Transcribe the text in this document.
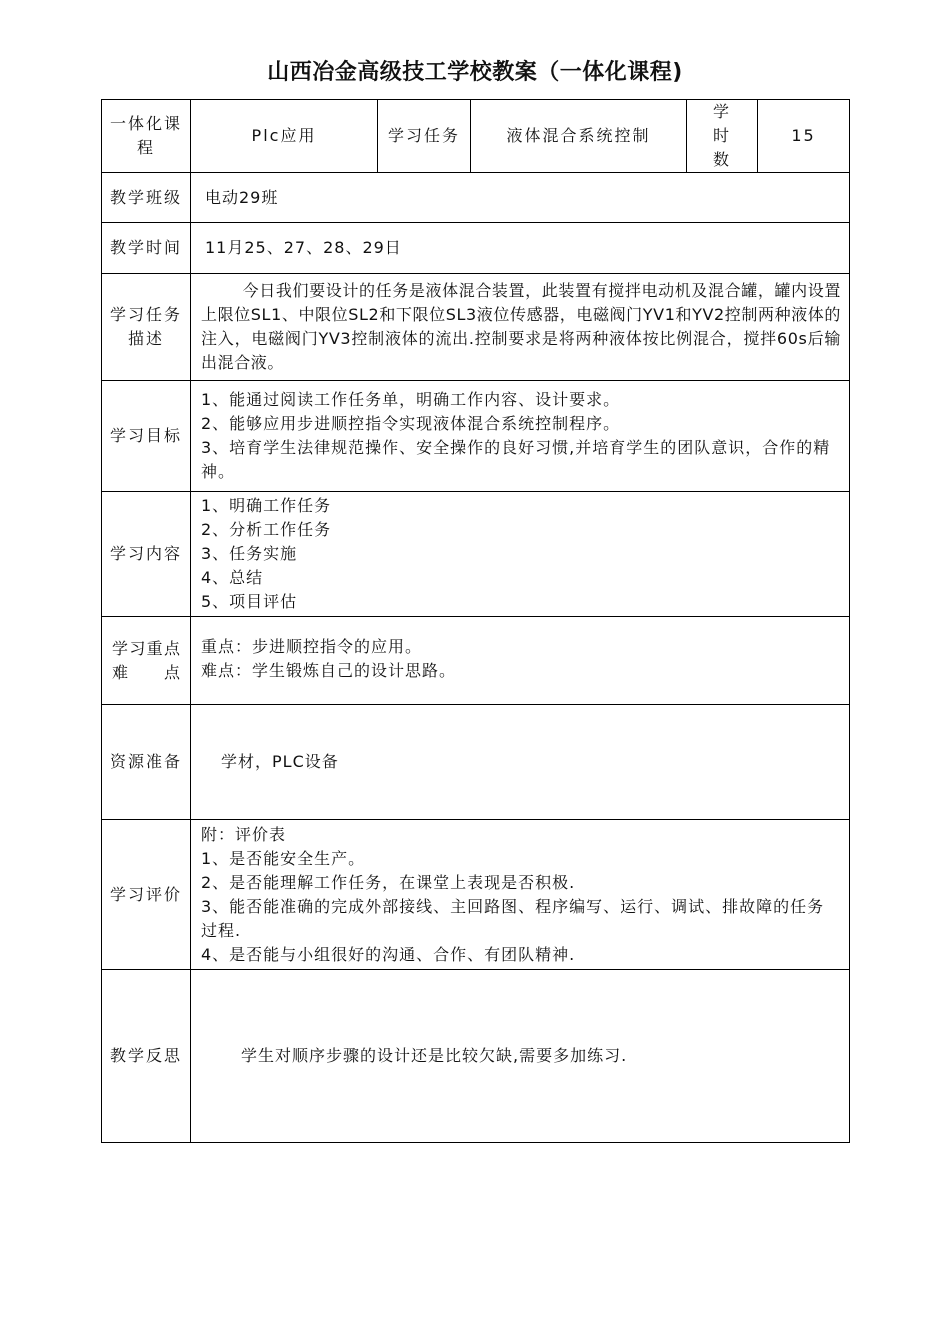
山西冶金高级技工学校教案（一体化课程)
一体化课程	Plc应用	学习任务	液体混合系统控制	学时数	15
教学班级	电动29班				
教学时间	11月25、27、28、29日				
学习任务描述	今日我们要设计的任务是液体混合装置，此装置有搅拌电动机及混合罐，罐内设置上限位SL1、中限位SL2和下限位SL3液位传感器，电磁阀门YV1和YV2控制两种液体的注入，电磁阀门YV3控制液体的流出.控制要求是将两种液体按比例混合，搅拌60s后输出混合液。				

学习目标	1、能通过阅读工作任务单，明确工作内容、设计要求。
2、能够应用步进顺控指令实现液体混合系统控制程序。
3、培育学生法律规范操作、安全操作的良好习惯,并培育学生的团队意识，合作的精神。				

学习内容	1、明确工作任务
2、分析工作任务
3、任务实施
4、总结
5、项目评估				

学习重点难点	重点：步进顺控指令的应用。
难点：学生锻炼自己的设计思路。				

资源准备	学材，PLC设备				
学习评价	附：评价表
1、是否能安全生产。
2、是否能理解工作任务，在课堂上表现是否积极.
3、能否能准确的完成外部接线、主回路图、程序编写、运行、调试、排故障的任务过程.
4、是否能与小组很好的沟通、合作、有团队精神.				

教学反思	学生对顺序步骤的设计还是比较欠缺,需要多加练习.				
